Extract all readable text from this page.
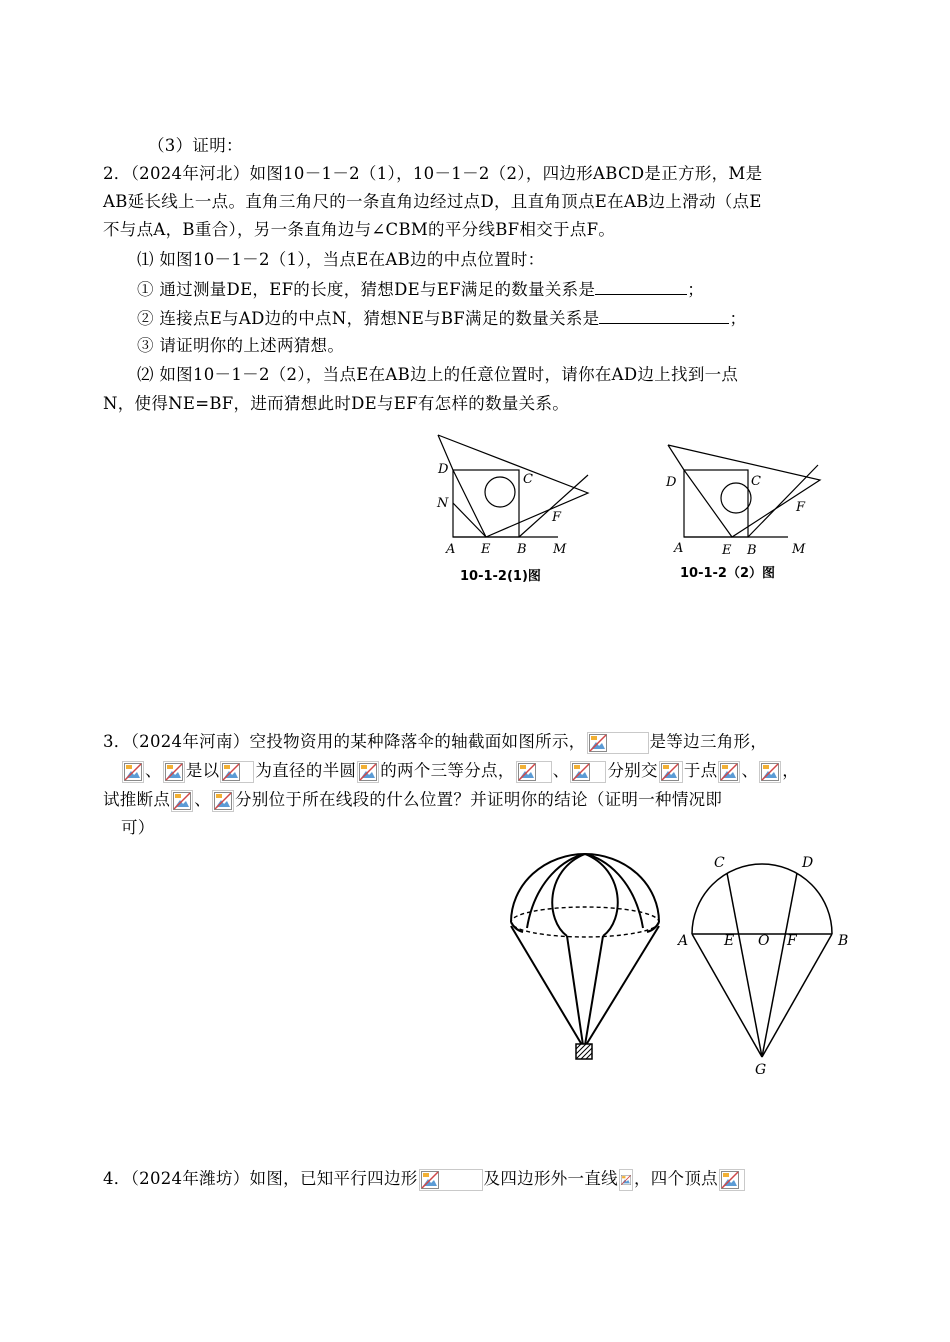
（3）证明：
2．（2024年河北）如图10－1－2（1），10－1－2（2），四边形ABCD是正方形，M是
AB延长线上一点。直角三角尺的一条直角边经过点D，且直角顶点E在AB边上滑动（点E
不与点A，B重合），另一条直角边与∠CBM的平分线BF相交于点F。
⑴ 如图10－1－2（1），当点E在AB边的中点位置时：
① 通过测量DE，EF的长度，猜想DE与EF满足的数量关系是	；
② 连接点E与AD边的中点N，猜想NE与BF满足的数量关系是	；
③ 请证明你的上述两猜想。
⑵ 如图10－1－2（2），当点E在AB边上的任意位置时，请你在AD边上找到一点
N，使得NE=BF，进而猜想此时DE与EF有怎样的数量关系。
D
C
N
F
A E B M
10-1-2(1)图
D	C
F
A	E B	M
10-1-2（2）图
3．（2024年河南）空投物资用的某种降落伞的轴截面如图所示，	是等边三角形，
、 是以 为直径的半圆 的两个三等分点， 、 分别交 于点 、 ，
试推断点 、 分别位于所在线段的什么位置？并证明你的结论（证明一种情况即
可）
C	D
A	E O F	B
G
4．（2024年潍坊）如图，已知平行四边形	及四边形外一直线 ，四个顶点
